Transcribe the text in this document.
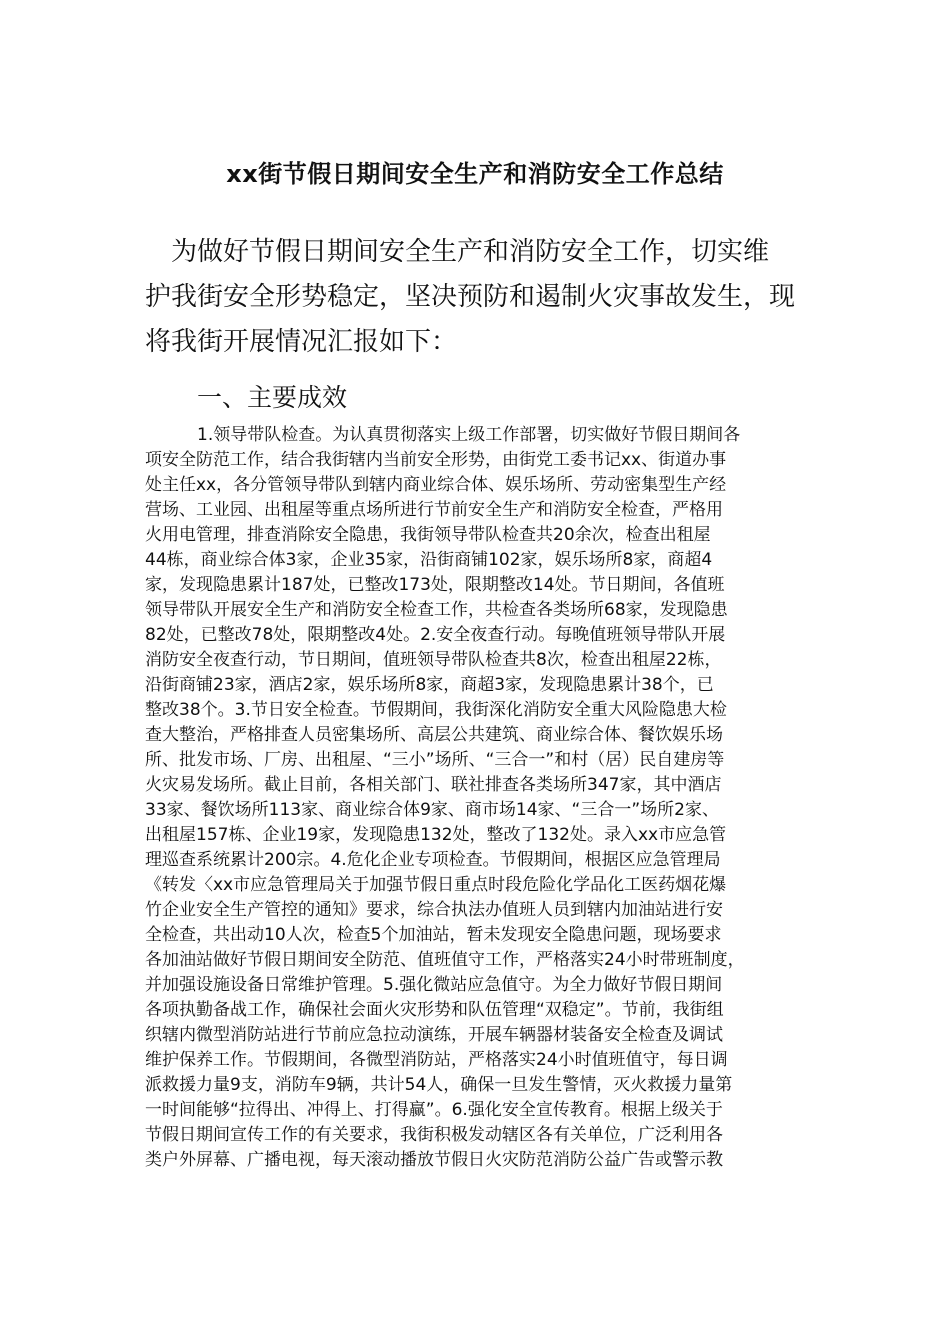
xx街节假日期间安全生产和消防安全工作总结
为做好节假日期间安全生产和消防安全工作，切实维
护我街安全形势稳定，坚决预防和遏制火灾事故发生，现
将我街开展情况汇报如下：
一、主要成效
1.领导带队检查。为认真贯彻落实上级工作部署，切实做好节假日期间各
项安全防范工作，结合我街辖内当前安全形势，由街党工委书记xx、街道办事
处主任xx，各分管领导带队到辖内商业综合体、娱乐场所、劳动密集型生产经
营场、工业园、出租屋等重点场所进行节前安全生产和消防安全检查，严格用
火用电管理，排查消除安全隐患，我街领导带队检查共20余次，检查出租屋
44栋，商业综合体3家，企业35家，沿街商铺102家，娱乐场所8家，商超4
家，发现隐患累计187处，已整改173处，限期整改14处。节日期间，各值班
领导带队开展安全生产和消防安全检查工作，共检查各类场所68家，发现隐患
82处，已整改78处，限期整改4处。2.安全夜查行动。每晚值班领导带队开展
消防安全夜查行动，节日期间，值班领导带队检查共8次，检查出租屋22栋，
沿街商铺23家，酒店2家，娱乐场所8家，商超3家，发现隐患累计38个，已
整改38个。3.节日安全检查。节假期间，我街深化消防安全重大风险隐患大检
查大整治，严格排查人员密集场所、高层公共建筑、商业综合体、餐饮娱乐场
所、批发市场、厂房、出租屋、“三小”场所、“三合一”和村（居）民自建房等
火灾易发场所。截止目前，各相关部门、联社排查各类场所347家，其中酒店
33家、餐饮场所113家、商业综合体9家、商市场14家、“三合一”场所2家、
出租屋157栋、企业19家，发现隐患132处，整改了132处。录入xx市应急管
理巡查系统累计200宗。4.危化企业专项检查。节假期间，根据区应急管理局
《转发〈xx市应急管理局关于加强节假日重点时段危险化学品化工医药烟花爆
竹企业安全生产管控的通知》要求，综合执法办值班人员到辖内加油站进行安
全检查，共出动10人次，检查5个加油站，暂未发现安全隐患问题，现场要求
各加油站做好节假日期间安全防范、值班值守工作，严格落实24小时带班制度，
并加强设施设备日常维护管理。5.强化微站应急值守。为全力做好节假日期间
各项执勤备战工作，确保社会面火灾形势和队伍管理“双稳定”。节前，我街组
织辖内微型消防站进行节前应急拉动演练，开展车辆器材装备安全检查及调试
维护保养工作。节假期间，各微型消防站，严格落实24小时值班值守，每日调
派救援力量9支，消防车9辆，共计54人，确保一旦发生警情，灭火救援力量第
一时间能够“拉得出、冲得上、打得赢”。6.强化安全宣传教育。根据上级关于
节假日期间宣传工作的有关要求，我街积极发动辖区各有关单位，广泛利用各
类户外屏幕、广播电视，每天滚动播放节假日火灾防范消防公益广告或警示教
